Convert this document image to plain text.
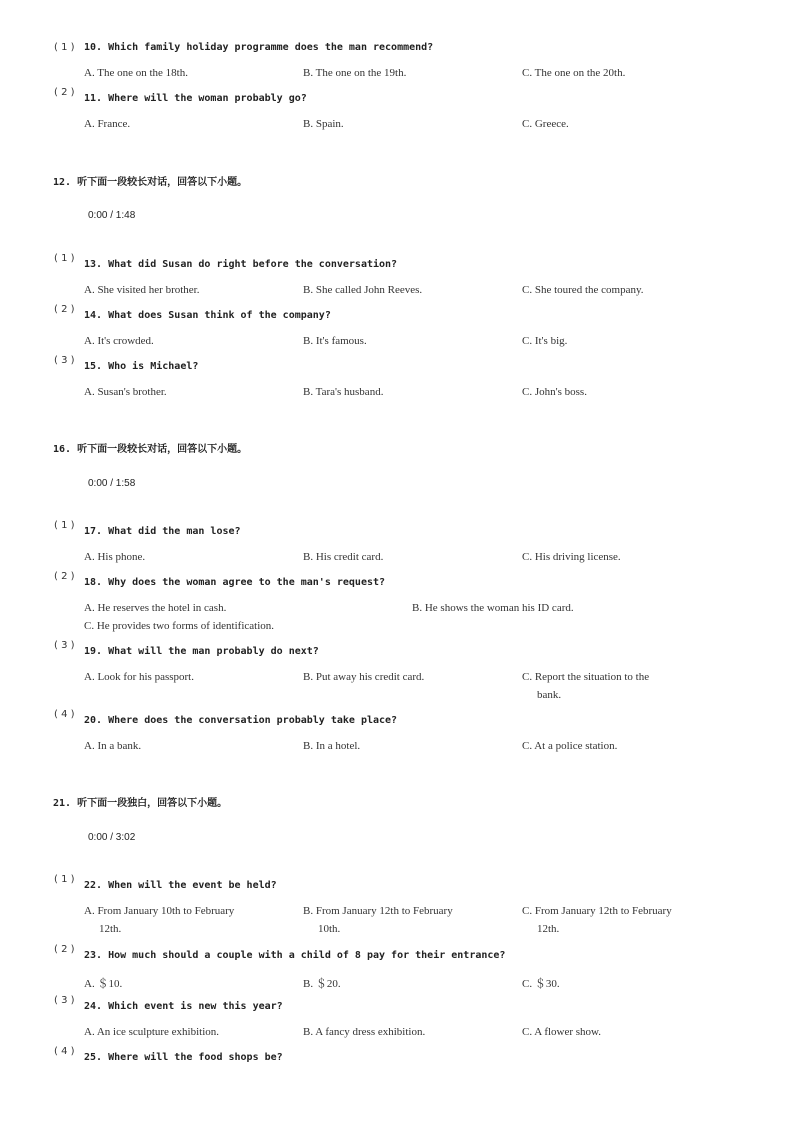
( 1 ) 10. Which family holiday programme does the man recommend?
A. The one on the 18th.	B. The one on the 19th.	C. The one on the 20th.
( 2 )
11. Where will the woman probably go?
A. France.	B. Spain.	C. Greece.
12. 听下面一段较长对话，回答以下小题。
0:00 / 1:48
( 1 )
13. What did Susan do right before the conversation?
A. She visited her brother.	B. She called John Reeves.	C. She toured the company.
( 2 )
14. What does Susan think of the company?
A. It's crowded.	B. It's famous.	C. It's big.
( 3 )
15. Who is Michael?
A. Susan's brother.	B. Tara's husband.	C. John's boss.
16. 听下面一段较长对话，回答以下小题。
0:00 / 1:58
( 1 )
17. What did the man lose?
A. His phone.	B. His credit card.	C. His driving license.
( 2 )
18. Why does the woman agree to the man's request?
A. He reserves the hotel in cash.	B. He shows the woman his ID card.
C. He provides two forms of identification.
( 3 )
19. What will the man probably do next?
A. Look for his passport.	B. Put away his credit card.	C. Report the situation to the
bank.
( 4 )
20. Where does the conversation probably take place?
A. In a bank.	B. In a hotel.	C. At a police station.
21. 听下面一段独白，回答以下小题。
0:00 / 3:02
( 1 )
22. When will the event be held?
A. From January 10th to February
12th.
B. From January 12th to February
10th.
C. From January 12th to February
12th.
( 2 )
23. How much should a couple with a child of 8 pay for their entrance?
A. ＄10.	B. ＄20.	C. ＄30.
( 3 )
24. Which event is new this year?
A. An ice sculpture exhibition.	B. A fancy dress exhibition.	C. A flower show.
( 4 )
25. Where will the food shops be?
